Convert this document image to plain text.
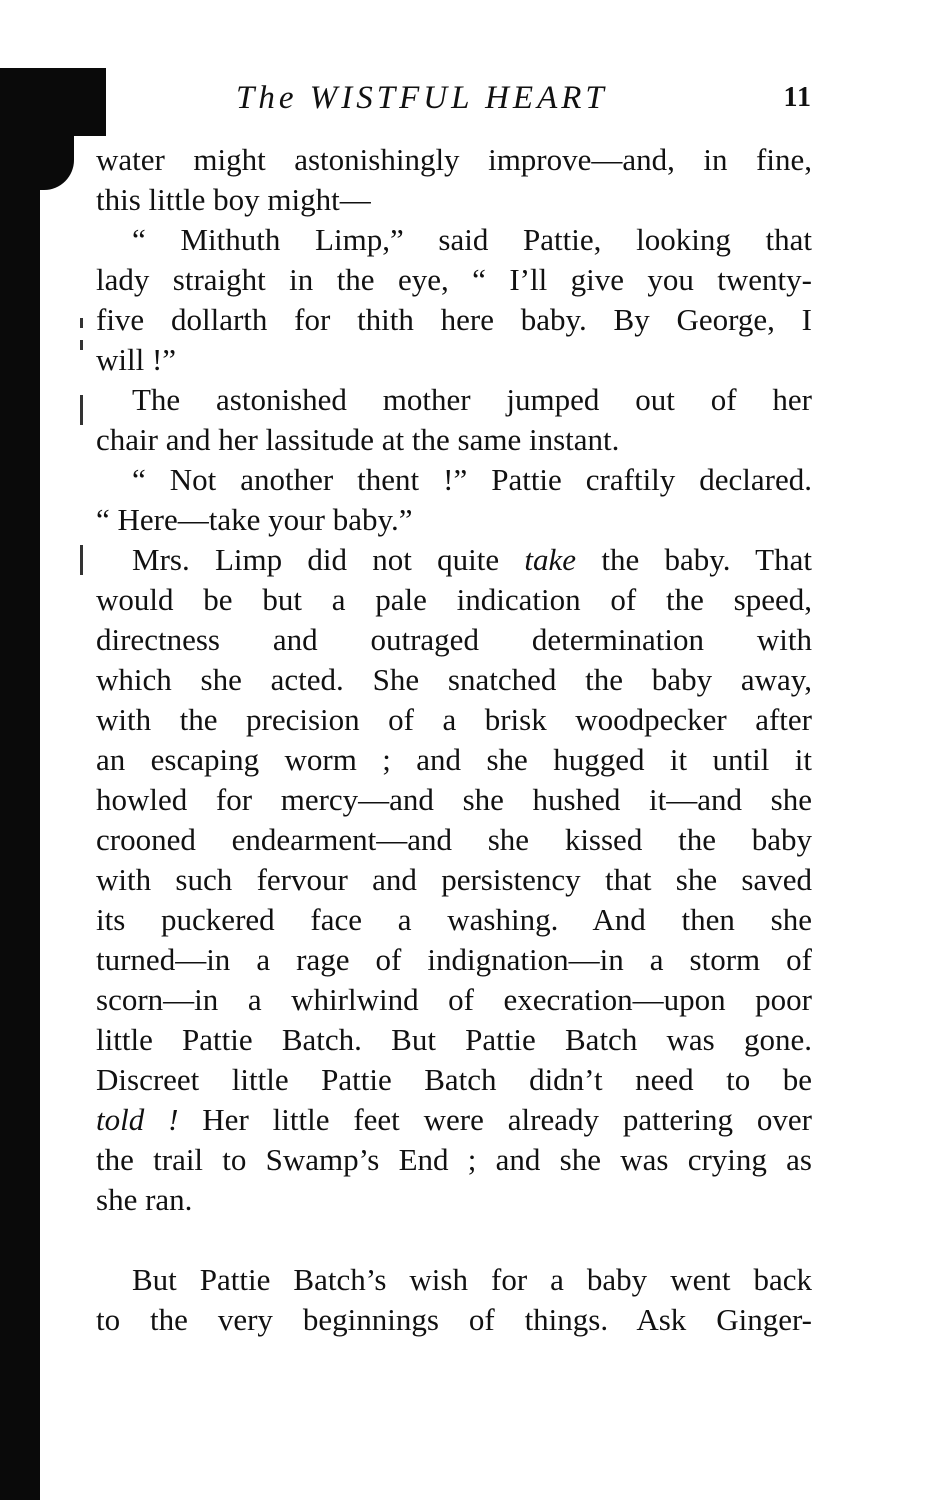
The WISTFUL HEART	11
water might astonishingly improve—and, in fine,
this little boy might—
“ Mithuth Limp,” said Pattie, looking that
lady straight in the eye, “ I’ll give you twenty-
five dollarth for thith here baby. By George, I
will !”
The astonished mother jumped out of her
chair and her lassitude at the same instant.
“ Not another thent !” Pattie craftily declared.
“ Here—take your baby.”
Mrs. Limp did not quite take the baby. That
would be but a pale indication of the speed,
directness and outraged determination with
which she acted. She snatched the baby away,
with the precision of a brisk woodpecker after
an escaping worm ; and she hugged it until it
howled for mercy—and she hushed it—and she
crooned endearment—and she kissed the baby
with such fervour and persistency that she saved
its puckered face a washing. And then she
turned—in a rage of indignation—in a storm of
scorn—in a whirlwind of execration—upon poor
little Pattie Batch. But Pattie Batch was gone.
Discreet little Pattie Batch didn’t need to be
told ! Her little feet were already pattering over
the trail to Swamp’s End ; and she was crying as
she ran.
But Pattie Batch’s wish for a baby went back
to the very beginnings of things. Ask Ginger-
